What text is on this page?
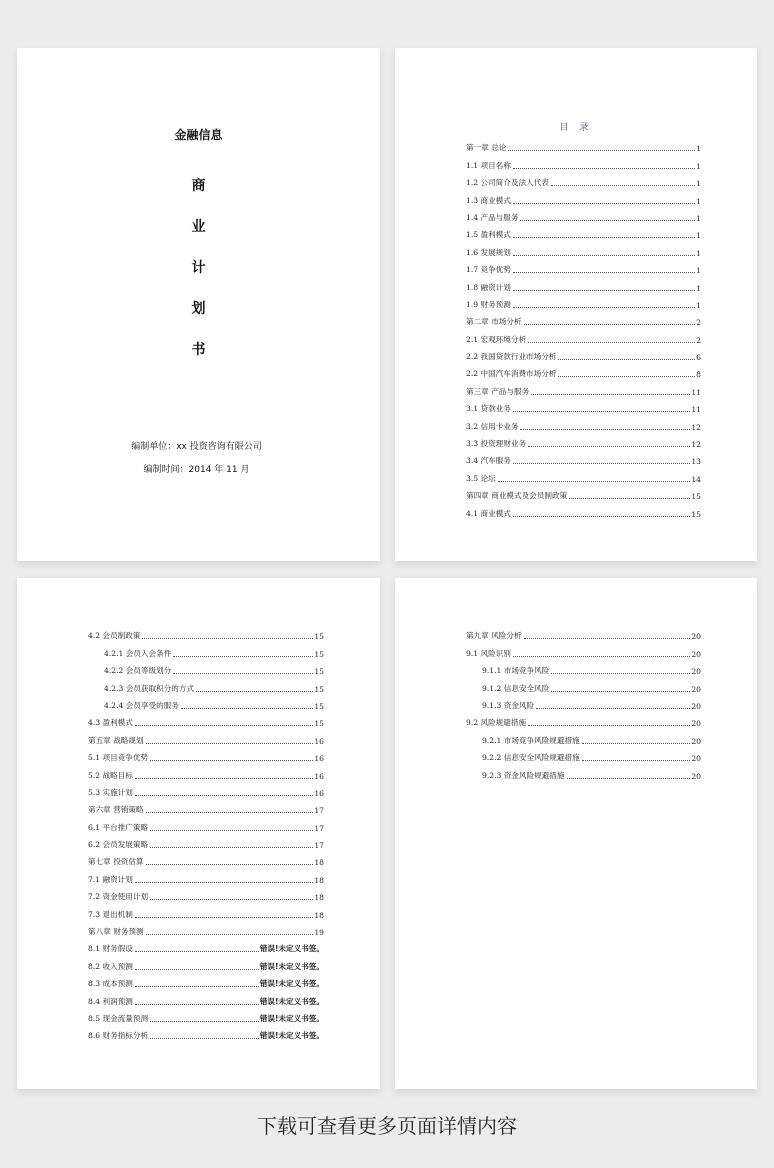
金融信息
商
业
计
划
书
编制单位：xx 投资咨询有限公司
编制时间：2014 年 11 月
目 录
第一章 总论	1
1.1 项目名称	1
1.2 公司简介及法人代表	1
1.3 商业模式	1
1.4 产品与服务	1
1.5 盈利模式	1
1.6 发展规划	1
1.7 竞争优势	1
1.8 融资计划	1
1.9 财务预测	1
第二章 市场分析	2
2.1 宏观环境分析	2
2.2 我国贷款行业市场分析	6
2.2 中国汽车消费市场分析	8
第三章 产品与服务	11
3.1 贷款业务	11
3.2 信用卡业务	12
3.3 投资理财业务	12
3.4 汽车服务	13
3.5 论坛	14
第四章 商业模式及会员制政策	15
4.1 商业模式	15
4.2 会员制政策	15
4.2.1 会员入会条件	15
4.2.2 会员等级划分	15
4.2.3 会员获取积分的方式	15
4.2.4 会员享受的服务	15
4.3 盈利模式	15
第五章 战略规划	16
5.1 项目竞争优势	16
5.2 战略目标	16
5.3 实施计划	16
第六章 营销策略	17
6.1 平台推广策略	17
6.2 会员发展策略	17
第七章 投资估算	18
7.1 融资计划	18
7.2 资金使用计划	18
7.3 退出机制	18
第八章 财务预测	19
8.1 财务假设	错误!未定义书签。
8.2 收入预测	错误!未定义书签。
8.3 成本预测	错误!未定义书签。
8.4 利润预测	错误!未定义书签。
8.5 现金流量预测	错误!未定义书签。
8.6 财务指标分析	错误!未定义书签。
第九章 风险分析	20
9.1 风险识别	20
9.1.1 市场竞争风险	20
9.1.2 信息安全风险	20
9.1.3 资金风险	20
9.2 风险规避措施	20
9.2.1 市场竞争风险规避措施	20
9.2.2 信息安全风险规避措施	20
9.2.3 资金风险规避措施	20
下载可查看更多页面详情内容
